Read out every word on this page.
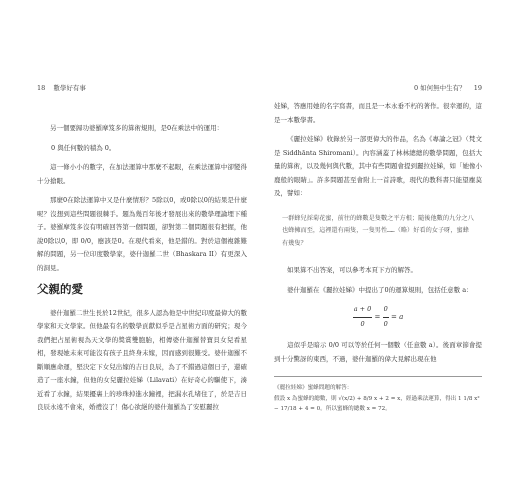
18 數學好有事

另一個要歸功婆羅摩笈多的算術規則，是0在乘法中的運用：

0 與任何數的積為 0。

這一條小小的數字，在加法運算中那麼不起眼，在乘法運算中卻變得十分搶眼。

那麼0在除法運算中又是什麼情形？5除以0，或0除以0的結果是什麼呢？沒想到這些問題很棘手。題為幾百年後才發展出來的數學理論埋下種子。婆羅摩笈多沒有明確回答第一個問題，卻對第二個問題很有把握，他說0除以0，即 0/0，應該是0。在現代看來，他是錯的。對於這個複雜難解的問題，另一位印度數學家，婆什迦羅二世（Bhaskara II）有更深入的洞見。

父親的愛

婆什迦羅二世生長於12世紀，很多人認為他是中世紀印度最偉大的數學家和天文學家。但他最有名的數學貢獻似乎是占星術方面的研究；現今我們把占星術視為天文學的獎賞雙胞胎，相傳婆什迦羅替寶貝女兒看星相，發現她未來可能沒有孩子且終身未嫁，因而感到很難受。婆什迦羅不斷順應命運，堅決定下女兒出嫁的吉日良辰，為了不錯過這個日子，還確造了一座水鐘，但他的女兒麗拉娃娣（Lilavati）在好奇心的驅使下，湊近看了水鐘，結果擾裏上的珍珠掉進水鐘裡，把漏水孔堵住了，於是吉日良辰永遠不會來，婚禮沒了！傷心欲絕的婆什迦羅為了安慰麗拉

0 如何無中生有？ 19

娃娣，答應用她的名字寫書，而且是一本永垂不朽的著作。很幸運的，這是一本數學書。

《麗拉娃娣》收錄於另一部更偉大的作品，名為《專論之冠》（梵文是 Siddhānta Shiromani）。內容涵蓋了林林總總的數學問題，包括大量的算術，以及幾何與代數，其中有些問題會提到麗拉娃娣，如「她像小鹿般的眼睛」。許多問題甚至會附上一首詩歌，現代的教科書只能望塵莫及，譬如：

一群蜂兒採菊花蜜，前往的蜂數是隻數之平方根；隨後他數的九分之八也蜂擁而至，這裡還有兩隻，一隻男性……（略）好看的女子呀，蜜蜂有幾隻？

如果算不出答案，可以參考本頁下方的解答。

婆什迦羅在《麗拉娃娣》中提出了0的運算規則，包括任意數 a：

$\frac{a + 0}{0} = \frac{0}{0} = a$

這似乎是暗示 0/0 可以等於任何一個數（任意數 a）。後面章節會提到十分驚訝的東西，不過，婆什迦羅的偉大見解出現在他

《麗拉娃娣》蜜蜂問題的解答：
假設 x 為蜜蜂的總數，則 √(x/2) + 8/9 x + 2 = x，經過乘法運算，得出 1 1/8 x² − 17/18 + 4 = 0。所以蜜蜂的總數 x = 72。
